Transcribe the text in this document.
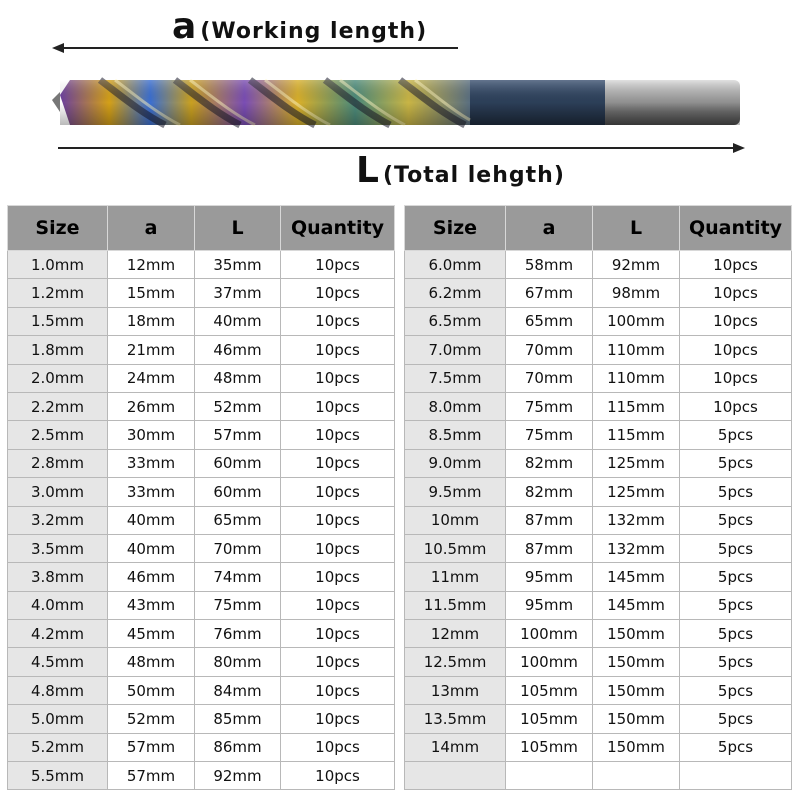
a (Working length)
L (Total lehgth)
Size	a	L	Quantity
1.0mm	12mm	35mm	10pcs
1.2mm	15mm	37mm	10pcs
1.5mm	18mm	40mm	10pcs
1.8mm	21mm	46mm	10pcs
2.0mm	24mm	48mm	10pcs
2.2mm	26mm	52mm	10pcs
2.5mm	30mm	57mm	10pcs
2.8mm	33mm	60mm	10pcs
3.0mm	33mm	60mm	10pcs
3.2mm	40mm	65mm	10pcs
3.5mm	40mm	70mm	10pcs
3.8mm	46mm	74mm	10pcs
4.0mm	43mm	75mm	10pcs
4.2mm	45mm	76mm	10pcs
4.5mm	48mm	80mm	10pcs
4.8mm	50mm	84mm	10pcs
5.0mm	52mm	85mm	10pcs
5.2mm	57mm	86mm	10pcs
5.5mm	57mm	92mm	10pcs
Size	a	L	Quantity
6.0mm	58mm	92mm	10pcs
6.2mm	67mm	98mm	10pcs
6.5mm	65mm	100mm	10pcs
7.0mm	70mm	110mm	10pcs
7.5mm	70mm	110mm	10pcs
8.0mm	75mm	115mm	10pcs
8.5mm	75mm	115mm	5pcs
9.0mm	82mm	125mm	5pcs
9.5mm	82mm	125mm	5pcs
10mm	87mm	132mm	5pcs
10.5mm	87mm	132mm	5pcs
11mm	95mm	145mm	5pcs
11.5mm	95mm	145mm	5pcs
12mm	100mm	150mm	5pcs
12.5mm	100mm	150mm	5pcs
13mm	105mm	150mm	5pcs
13.5mm	105mm	150mm	5pcs
14mm	105mm	150mm	5pcs
